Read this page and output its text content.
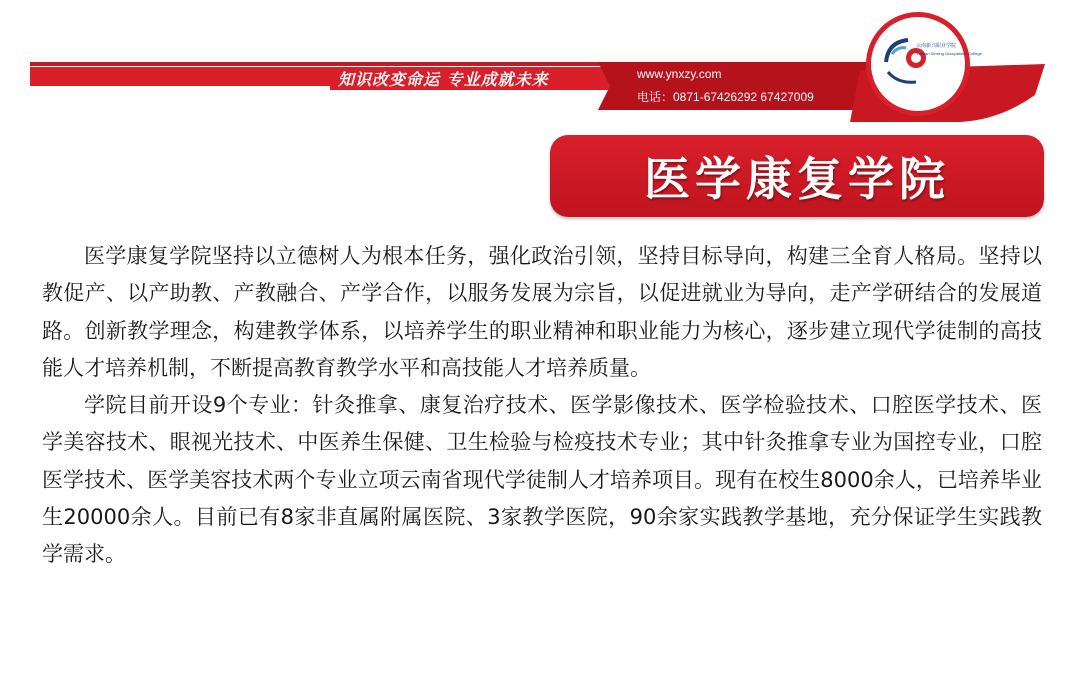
知识改变命运 专业成就未来	www.ynxzy.com
电话：0871-67426292 67427009
云南新兴职业学院
Yunnan Xinxing Occupations College
医学康复学院

医学康复学院坚持以立德树人为根本任务，强化政治引领，坚持目标导向，构建三全育人格局。坚持以教促产、以产助教、产教融合、产学合作，以服务发展为宗旨，以促进就业为导向，走产学研结合的发展道路。创新教学理念，构建教学体系，以培养学生的职业精神和职业能力为核心，逐步建立现代学徒制的高技能人才培养机制，不断提高教育教学水平和高技能人才培养质量。

学院目前开设9个专业：针灸推拿、康复治疗技术、医学影像技术、医学检验技术、口腔医学技术、医学美容技术、眼视光技术、中医养生保健、卫生检验与检疫技术专业；其中针灸推拿专业为国控专业，口腔医学技术、医学美容技术两个专业立项云南省现代学徒制人才培养项目。现有在校生8000余人，已培养毕业生20000余人。目前已有8家非直属附属医院、3家教学医院，90余家实践教学基地，充分保证学生实践教学需求。
